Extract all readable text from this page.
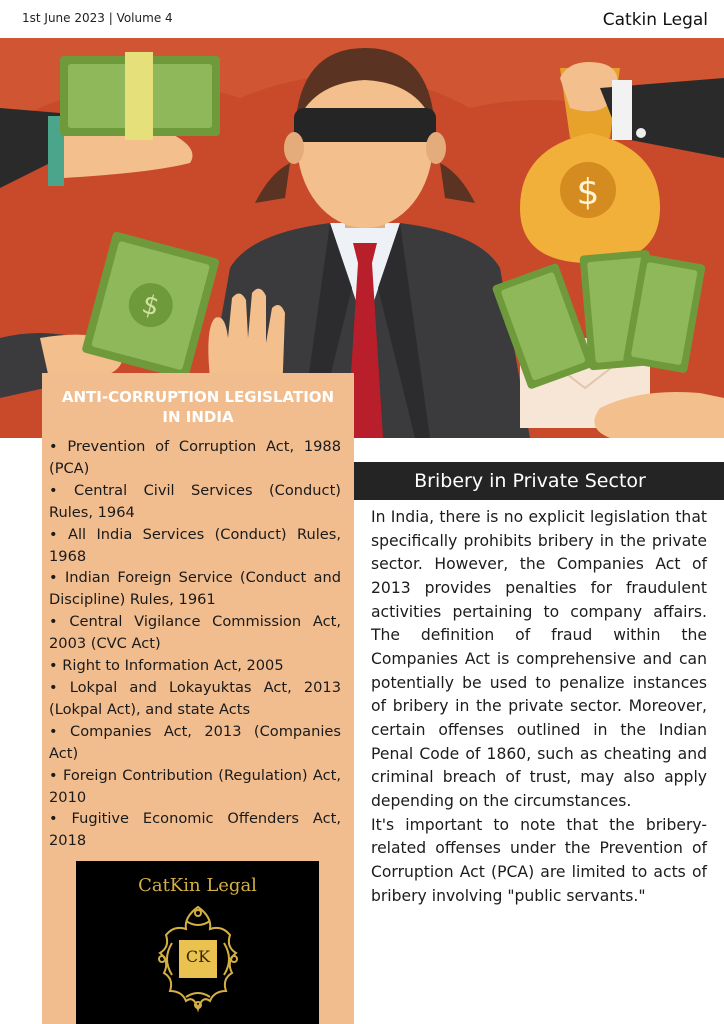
1st June 2023 | Volume 4	Catkin Legal
$
$
ANTI-CORRUPTION LEGISLATION
IN INDIA
• Prevention of Corruption Act, 1988 (PCA)
• Central Civil Services (Conduct) Rules, 1964
• All India Services (Conduct) Rules, 1968
• Indian Foreign Service (Conduct and Discipline) Rules, 1961
• Central Vigilance Commission Act, 2003 (CVC Act)
• Right to Information Act, 2005
• Lokpal and Lokayuktas Act, 2013 (Lokpal Act), and state Acts
• Companies Act, 2013 (Companies Act)
• Foreign Contribution (Regulation) Act, 2010
• Fugitive Economic Offenders Act, 2018
CatKin Legal
CK
Bribery in Private Sector

In India, there is no explicit legislation that specifically prohibits bribery in the private sector. However, the Companies Act of 2013 provides penalties for fraudulent activities pertaining to company affairs. The definition of fraud within the Companies Act is comprehensive and can potentially be used to penalize instances of bribery in the private sector. Moreover, certain offenses outlined in the Indian Penal Code of 1860, such as cheating and criminal breach of trust, may also apply depending on the circumstances.

It's important to note that the bribery-related offenses under the Prevention of Corruption Act (PCA) are limited to acts of bribery involving "public servants."
